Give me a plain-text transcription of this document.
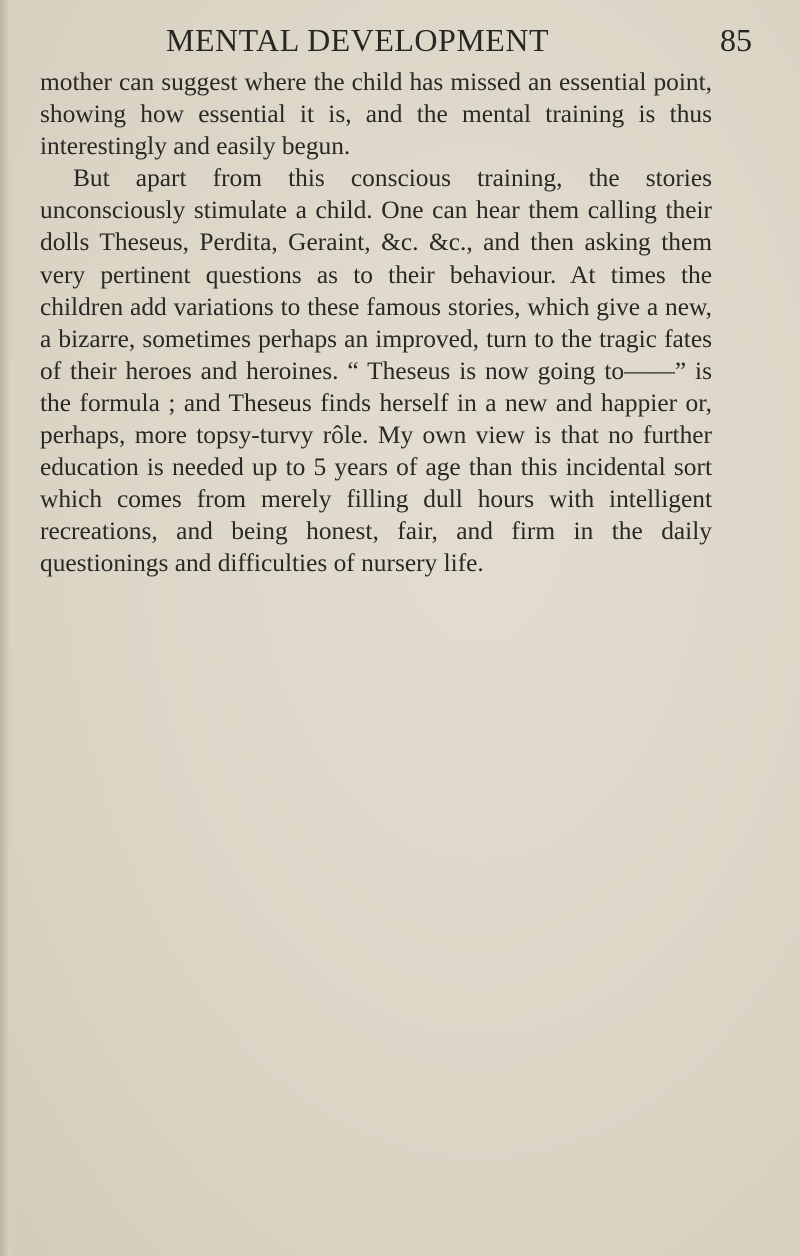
MENTAL DEVELOPMENT	85

mother can suggest where the child has missed an essential point, showing how essential it is, and the mental training is thus interestingly and easily begun.

But apart from this conscious training, the stories unconsciously stimulate a child. One can hear them calling their dolls Theseus, Perdita, Geraint, &c. &c., and then asking them very pertinent questions as to their behaviour. At times the children add variations to these famous stories, which give a new, a bizarre, sometimes perhaps an improved, turn to the tragic fates of their heroes and heroines. “ Theseus is now going to——” is the formula ; and Theseus finds herself in a new and happier or, perhaps, more topsy-turvy rôle. My own view is that no further education is needed up to 5 years of age than this incidental sort which comes from merely filling dull hours with intelligent recreations, and being honest, fair, and firm in the daily questionings and difficulties of nursery life.
